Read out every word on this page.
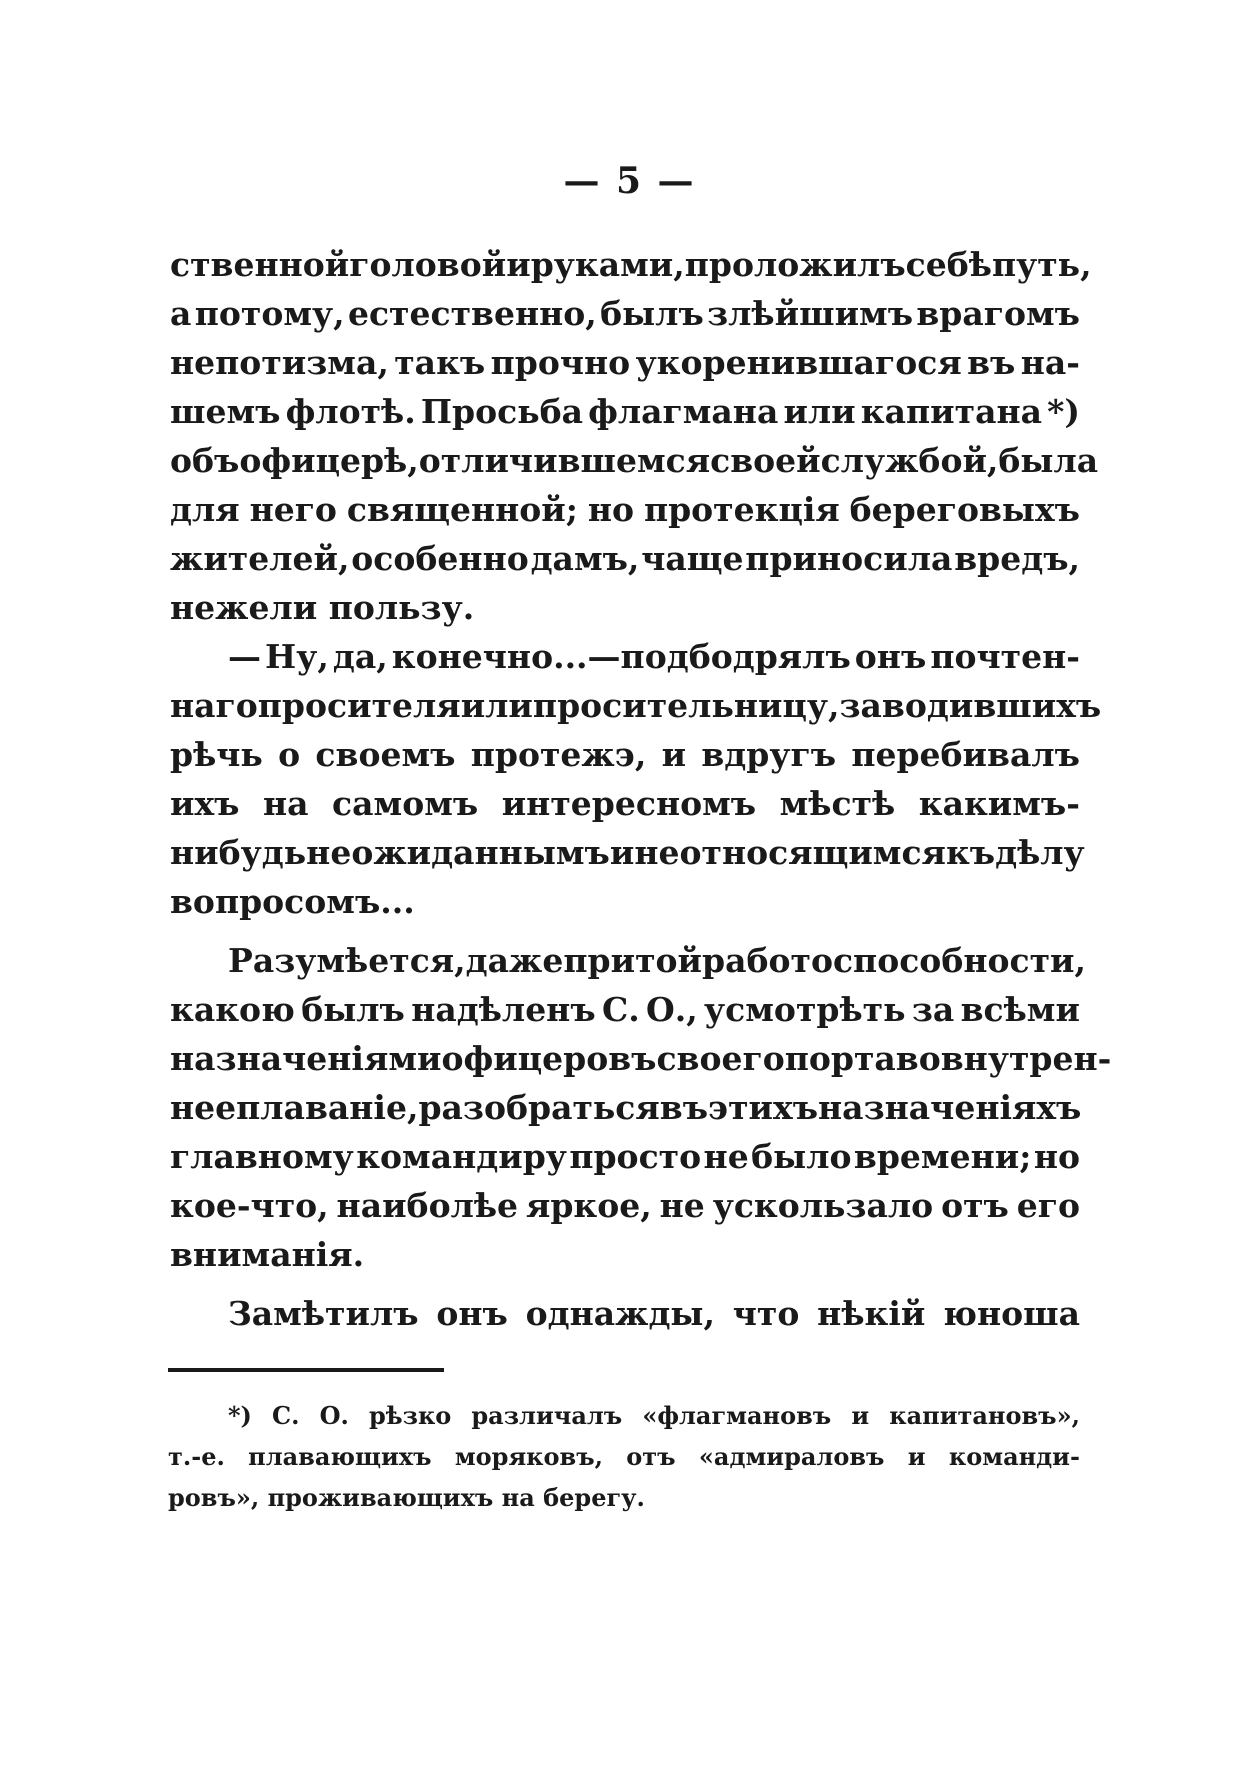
— 5 —
ственной головой и руками, проложилъ себѣ путь,
а потому, естественно, былъ злѣйшимъ врагомъ
непотизма, такъ прочно укоренившагося въ на-
шемъ флотѣ. Просьба флагмана или капитана *)
объ офицерѣ, отличившемся своей службой, была
для него священной; но протекція береговыхъ
жителей, особенно дамъ, чаще приносила вредъ,
нежели пользу.
— Ну, да, конечно...—подбодрялъ онъ почтен-
наго просителя или просительницу, заводившихъ
рѣчь о своемъ протежэ, и вдругъ перебивалъ
ихъ на самомъ интересномъ мѣстѣ какимъ-
нибудь неожиданнымъ и не относящимся къ дѣлу
вопросомъ...
Разумѣется, даже при той работоспособности,
какою былъ надѣленъ С. О., усмотрѣть за всѣми
назначеніями офицеровъ своего порта во внутрен-
нее плаваніе, разобраться въ этихъ назначеніяхъ
главному командиру просто не было времени; но
кое-что, наиболѣе яркое, не ускользало отъ его
вниманія.
Замѣтилъ онъ однажды, что нѣкій юноша
*) С. О. рѣзко различалъ «флагмановъ и капитановъ»,
т.-е. плавающихъ моряковъ, отъ «адмираловъ и команди-
ровъ», проживающихъ на берегу.
